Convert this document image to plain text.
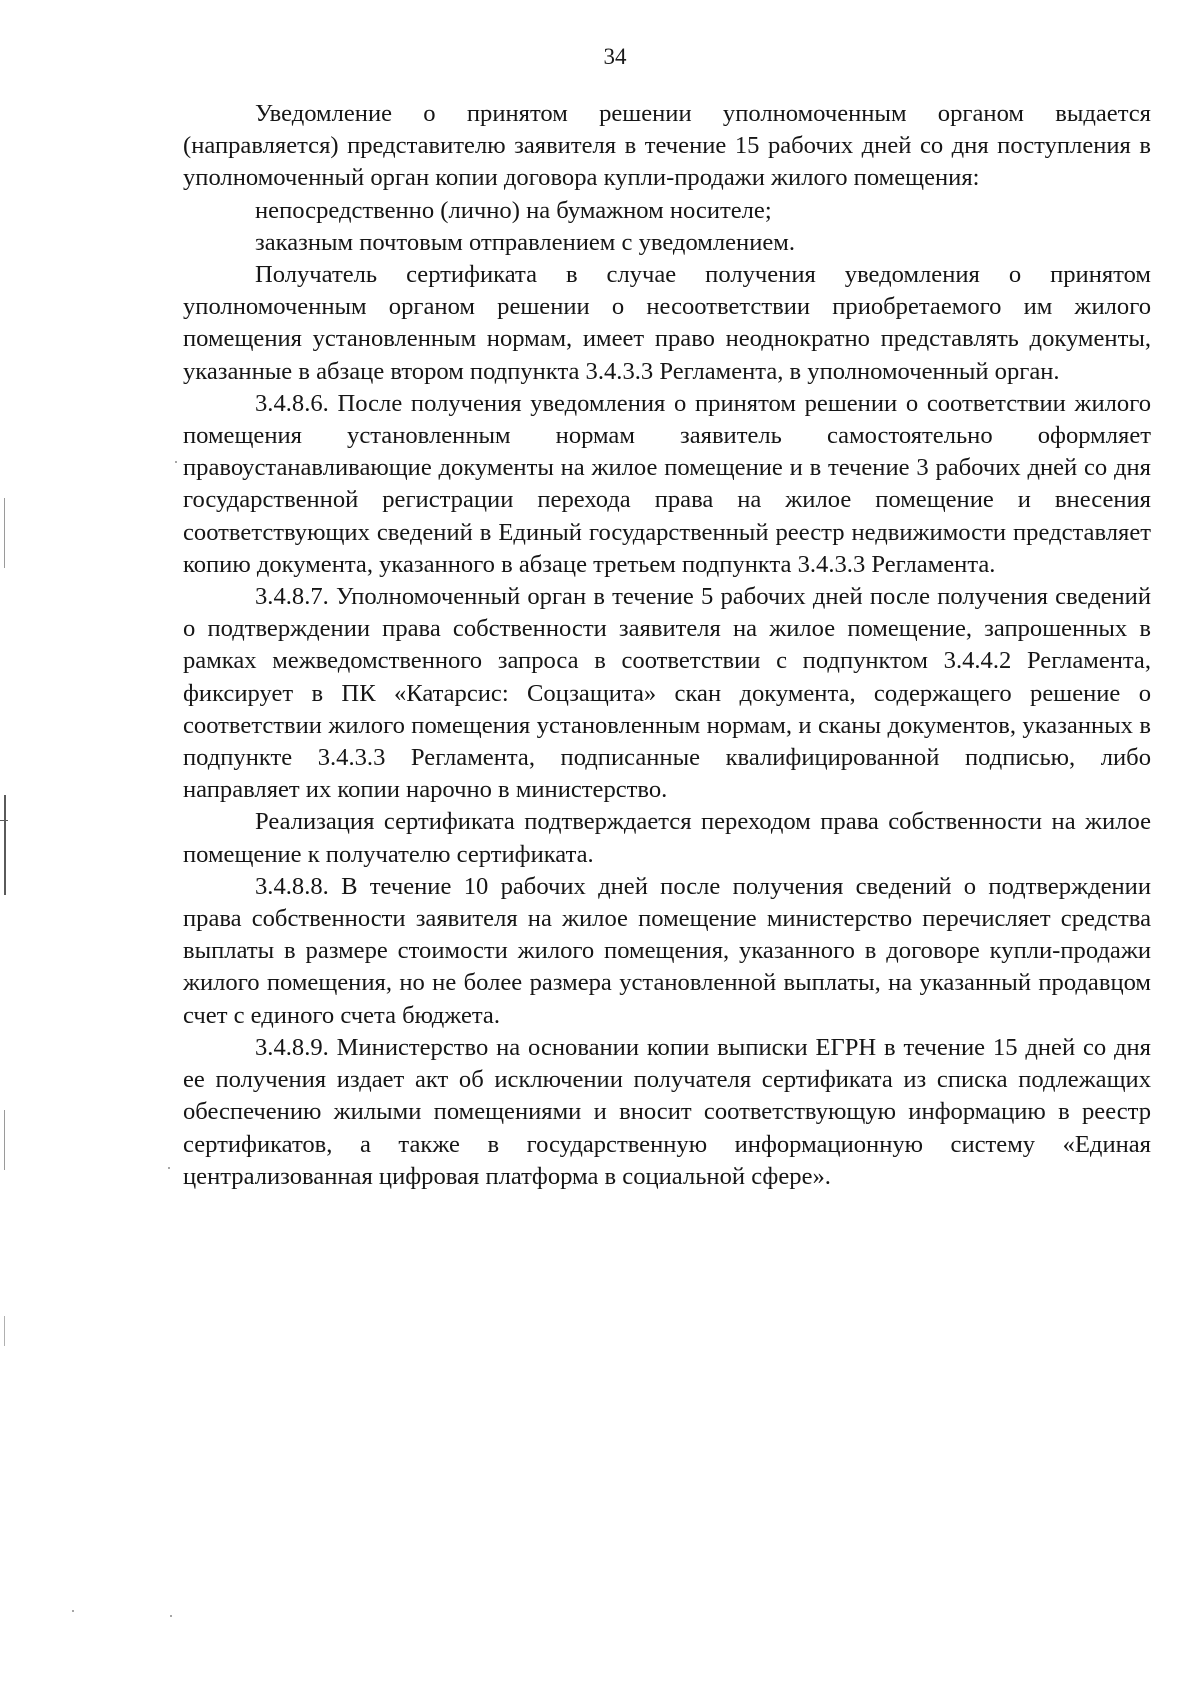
34

Уведомление о принятом решении уполномоченным органом выдается (направляется) представителю заявителя в течение 15 рабочих дней со дня поступления в уполномоченный орган копии договора купли-продажи жилого помещения:

непосредственно (лично) на бумажном носителе;

заказным почтовым отправлением с уведомлением.

Получатель сертификата в случае получения уведомления о принятом уполномоченным органом решении о несоответствии приобретаемого им жилого помещения установленным нормам, имеет право неоднократно представлять документы, указанные в абзаце втором подпункта 3.4.3.3 Регламента, в уполномоченный орган.

3.4.8.6. После получения уведомления о принятом решении о соответствии жилого помещения установленным нормам заявитель самостоятельно оформляет правоустанавливающие документы на жилое помещение и в течение 3 рабочих дней со дня государственной регистрации перехода права на жилое помещение и внесения соответствующих сведений в Единый государственный реестр недвижимости представляет копию документа, указанного в абзаце третьем подпункта 3.4.3.3 Регламента.

3.4.8.7. Уполномоченный орган в течение 5 рабочих дней после получения сведений о подтверждении права собственности заявителя на жилое помещение, запрошенных в рамках межведомственного запроса в соответствии с подпунктом 3.4.4.2 Регламента, фиксирует в ПК «Катарсис: Соцзащита» скан документа, содержащего решение о соответствии жилого помещения установленным нормам, и сканы документов, указанных в подпункте 3.4.3.3 Регламента, подписанные квалифицированной подписью, либо направляет их копии нарочно в министерство.

Реализация сертификата подтверждается переходом права собственности на жилое помещение к получателю сертификата.

3.4.8.8. В течение 10 рабочих дней после получения сведений о подтверждении права собственности заявителя на жилое помещение министерство перечисляет средства выплаты в размере стоимости жилого помещения, указанного в договоре купли-продажи жилого помещения, но не более размера установленной выплаты, на указанный продавцом счет с единого счета бюджета.

3.4.8.9. Министерство на основании копии выписки ЕГРН в течение 15 дней со дня ее получения издает акт об исключении получателя сертификата из списка подлежащих обеспечению жилыми помещениями и вносит соответствующую информацию в реестр сертификатов, а также в государственную информационную систему «Единая централизованная цифровая платформа в социальной сфере».
